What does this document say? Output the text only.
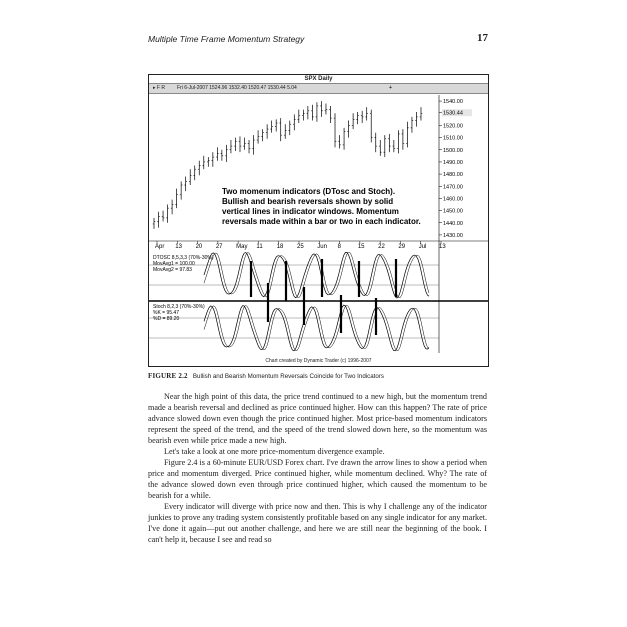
Multiple Time Frame Momentum Strategy	17
SPX Daily
▸ F R Fri 6-Jul-2007 1524.96 1532.40 1520.47 1530.44 5.04	+
1540.00
1530.44
1520.00
1510.00
1500.00
1490.00
1480.00
1470.00
1460.00
1450.00
1440.00
1430.00
Apr 13 20 27 May 11 18 25 Jun 8	15 22 29 Jul 13
Two momenum indicators (DTosc and Stoch).
Bullish and bearish reversals shown by solid
vertical lines in indicator windows. Momentum
reversals made within a bar or two in each indicator.
DTOSC 8,5,3,3 (70%-30%)
MovAvg1 = 100.00
MovAvg2 = 97.83
Stoch 8,2,3 (70%-30%)
%K = 95.47
%D = 89.20
Chart created by Dynamic Trader (c) 1996-2007
FIGURE 2.2 Bullish and Bearish Momentum Reversals Coincide for Two Indicators

Near the high point of this data, the price trend continued to a new high, but the momentum trend made a bearish reversal and declined as price continued higher. How can this happen? The rate of price advance slowed down even though the price continued higher. Most price-based momentum indicators represent the speed of the trend, and the speed of the trend slowed down here, so the momentum was bearish even while price made a new high.

Let's take a look at one more price-momentum divergence example.

Figure 2.4 is a 60-minute EUR/USD Forex chart. I've drawn the arrow lines to show a period when price and momentum diverged. Price continued higher, while momentum declined. Why? The rate of the advance slowed down even through price continued higher, which caused the momentum to be bearish for a while.

Every indicator will diverge with price now and then. This is why I challenge any of the indicator junkies to prove any trading system consistently profitable based on any single indicator for any market. I've done it again—put out another challenge, and here we are still near the beginning of the book. I can't help it, because I see and read so
